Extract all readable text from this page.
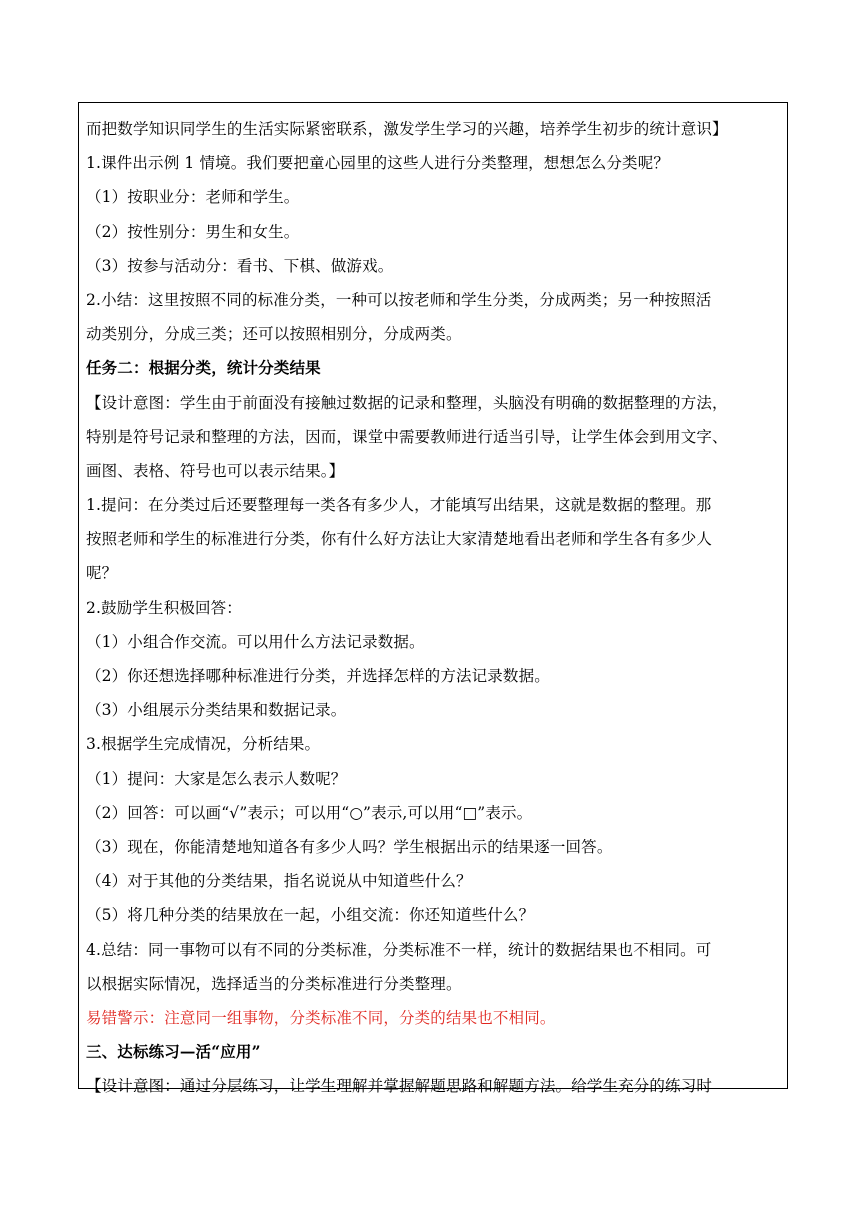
而把数学知识同学生的生活实际紧密联系，激发学生学习的兴趣，培养学生初步的统计意识】
1.课件出示例 1 情境。我们要把童心园里的这些人进行分类整理，想想怎么分类呢？
（1）按职业分：老师和学生。
（2）按性别分：男生和女生。
（3）按参与活动分：看书、下棋、做游戏。
2.小结：这里按照不同的标准分类，一种可以按老师和学生分类，分成两类；另一种按照活
动类别分，分成三类；还可以按照相别分，分成两类。
任务二：根据分类，统计分类结果
【设计意图：学生由于前面没有接触过数据的记录和整理，头脑没有明确的数据整理的方法，
特别是符号记录和整理的方法，因而，课堂中需要教师进行适当引导，让学生体会到用文字、
画图、表格、符号也可以表示结果。】
1.提问：在分类过后还要整理每一类各有多少人，才能填写出结果，这就是数据的整理。那
按照老师和学生的标准进行分类，你有什么好方法让大家清楚地看出老师和学生各有多少人
呢？
2.鼓励学生积极回答：
（1）小组合作交流。可以用什么方法记录数据。
（2）你还想选择哪种标准进行分类，并选择怎样的方法记录数据。
（3）小组展示分类结果和数据记录。
3.根据学生完成情况，分析结果。
（1）提问：大家是怎么表示人数呢？
（2）回答：可以画“√”表示；可以用“○”表示,可以用“□”表示。
（3）现在，你能清楚地知道各有多少人吗？学生根据出示的结果逐一回答。
（4）对于其他的分类结果，指名说说从中知道些什么？
（5）将几种分类的结果放在一起，小组交流：你还知道些什么？
4.总结：同一事物可以有不同的分类标准，分类标准不一样，统计的数据结果也不相同。可
以根据实际情况，选择适当的分类标准进行分类整理。
易错警示：注意同一组事物，分类标准不同，分类的结果也不相同。
三、达标练习—活“应用”
【设计意图：通过分层练习，让学生理解并掌握解题思路和解题方法。给学生充分的练习时
